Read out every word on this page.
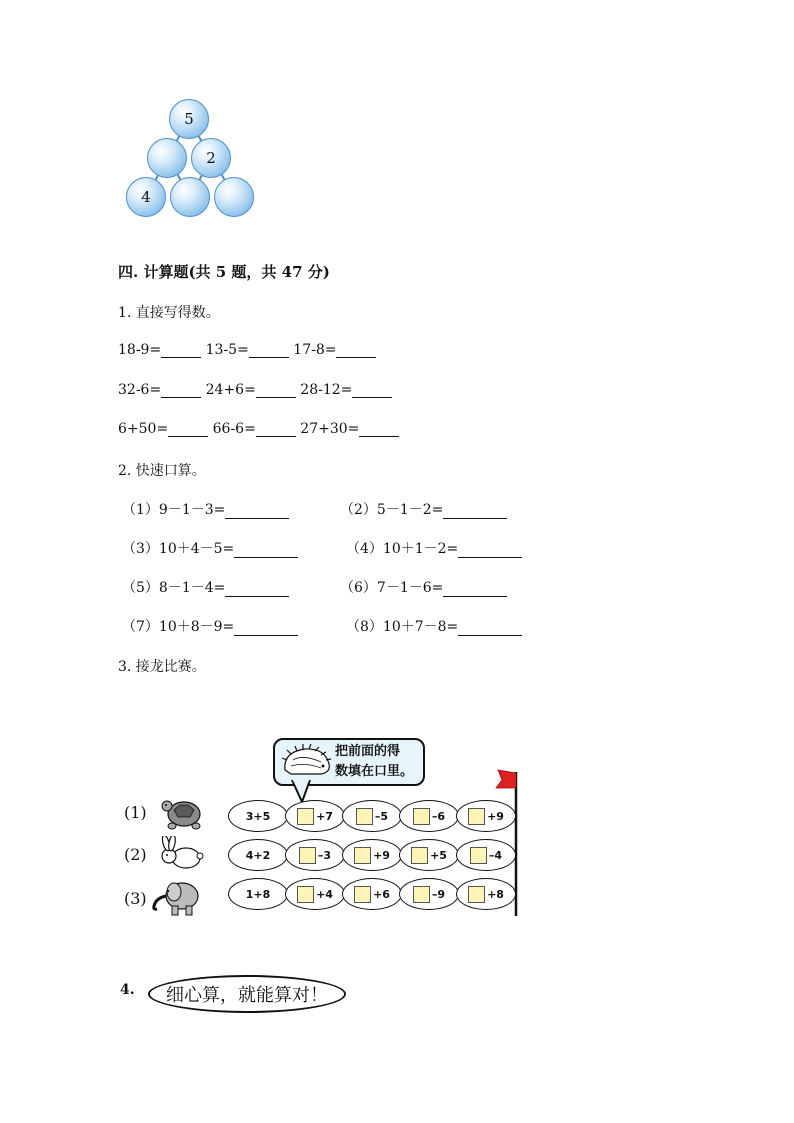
5
2
4
四. 计算题(共 5 题，共 47 分)
1. 直接写得数。
18-9=	13-5=	17-8=
32-6=	24+6=	28-12=
6+50=	66-6=	27+30=
2. 快速口算。
（1）9－1－3=	（2）5－1－2=
（3）10＋4－5=	（4）10＋1－2=
（5）8－1－4=	（6）7－1－6=
（7）10＋8－9=	（8）10＋7－8=
3. 接龙比赛。
把前面的得
数填在口里。
(1)
(2)
(3)
3+5	+7	–5	–6	+9
4+2	–3	+9	+5	–4
1+8	+4	+6	–9	+8
4. 细心算，就能算对！
